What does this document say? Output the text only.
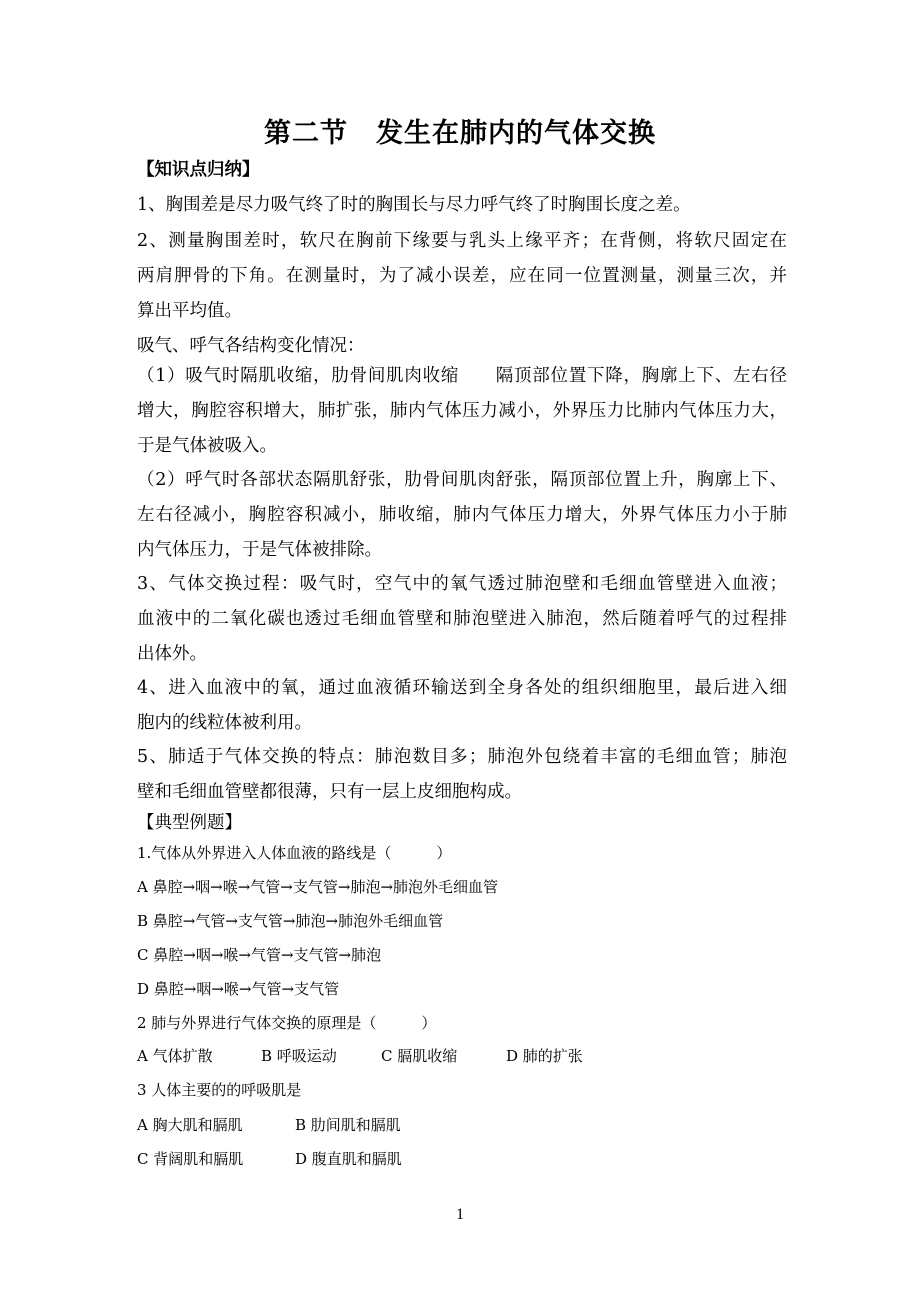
第二节　发生在肺内的气体交换
【知识点归纳】
1、胸围差是尽力吸气终了时的胸围长与尽力呼气终了时胸围长度之差。
2、测量胸围差时，软尺在胸前下缘要与乳头上缘平齐；在背侧，将软尺固定在
两肩胛骨的下角。在测量时，为了减小误差，应在同一位置测量，测量三次，并
算出平均值。
吸气、呼气各结构变化情况：
（1）吸气时隔肌收缩，肋骨间肌肉收缩　　隔顶部位置下降，胸廓上下、左右径
增大，胸腔容积增大，肺扩张，肺内气体压力减小，外界压力比肺内气体压力大，
于是气体被吸入。
（2）呼气时各部状态隔肌舒张，肋骨间肌肉舒张，隔顶部位置上升，胸廓上下、
左右径减小，胸腔容积减小，肺收缩，肺内气体压力增大，外界气体压力小于肺
内气体压力，于是气体被排除。
3、气体交换过程：吸气时，空气中的氧气透过肺泡壁和毛细血管壁进入血液；
血液中的二氧化碳也透过毛细血管壁和肺泡壁进入肺泡，然后随着呼气的过程排
出体外。
4、进入血液中的氧，通过血液循环输送到全身各处的组织细胞里，最后进入细
胞内的线粒体被利用。
5、肺适于气体交换的特点：肺泡数目多；肺泡外包绕着丰富的毛细血管；肺泡
壁和毛细血管壁都很薄，只有一层上皮细胞构成。
【典型例题】
1.气体从外界进入人体血液的路线是（　　　）
A 鼻腔→咽→喉→气管→支气管→肺泡→肺泡外毛细血管
B 鼻腔→气管→支气管→肺泡→肺泡外毛细血管
C 鼻腔→咽→喉→气管→支气管→肺泡
D 鼻腔→咽→喉→气管→支气管
2 肺与外界进行气体交换的原理是（　　　）
A 气体扩散	B 呼吸运动	C 膈肌收缩	D 肺的扩张
3 人体主要的的呼吸肌是
A 胸大肌和膈肌	B 肋间肌和膈肌
C 背阔肌和膈肌	D 腹直肌和膈肌
1
